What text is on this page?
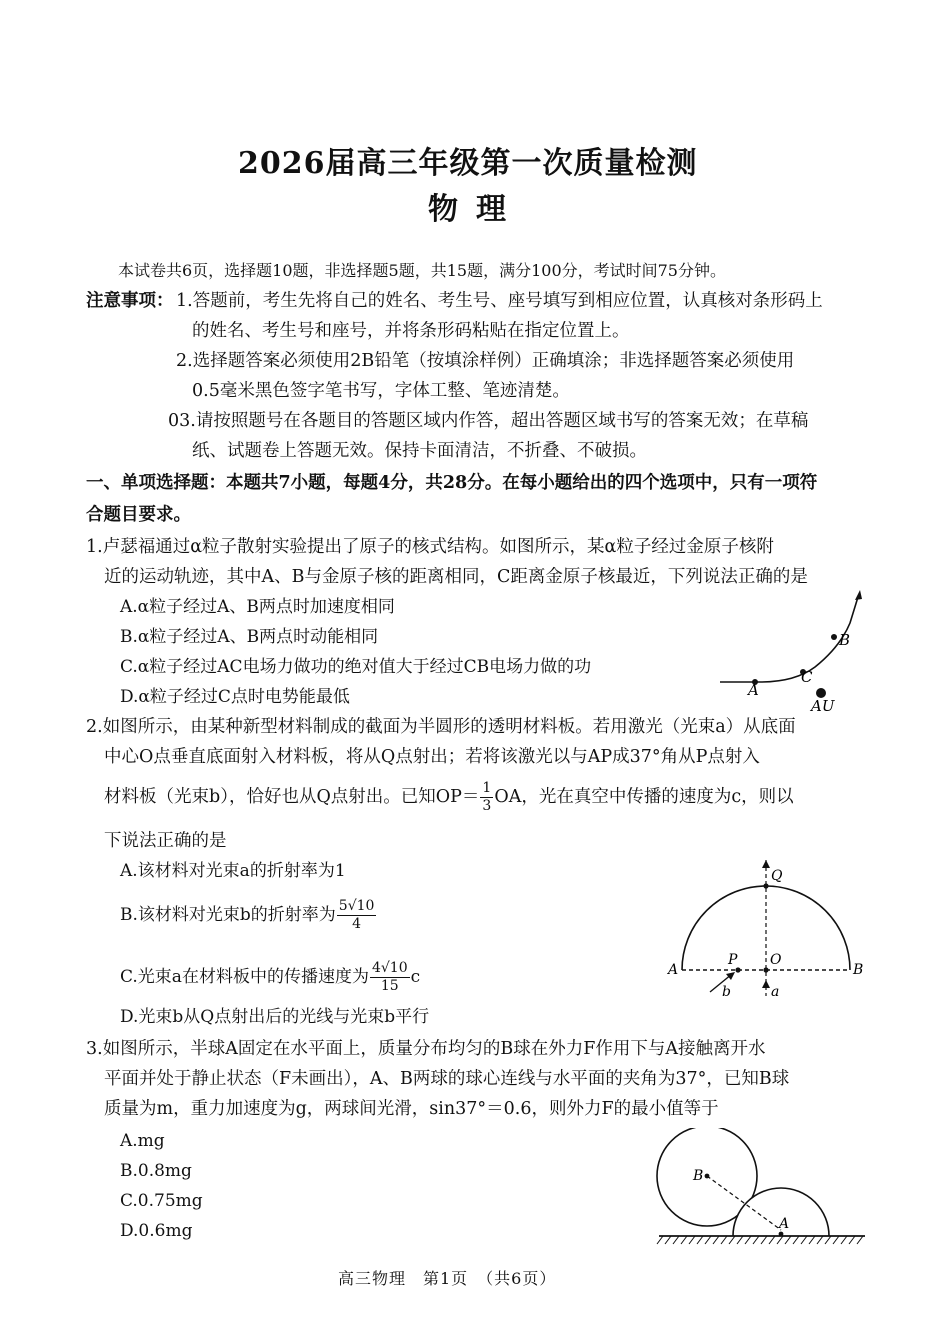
2026届高三年级第一次质量检测
物理
本试卷共6页，选择题10题，非选择题5题，共15题，满分100分，考试时间75分钟。
注意事项： 1.答题前，考生先将自己的姓名、考生号、座号填写到相应位置，认真核对条形码上
的姓名、考生号和座号，并将条形码粘贴在指定位置上。
2.选择题答案必须使用2B铅笔（按填涂样例）正确填涂；非选择题答案必须使用
0.5毫米黑色签字笔书写，字体工整、笔迹清楚。
03.请按照题号在各题目的答题区域内作答，超出答题区域书写的答案无效；在草稿
纸、试题卷上答题无效。保持卡面清洁，不折叠、不破损。
一、单项选择题：本题共7小题，每题4分，共28分。在每小题给出的四个选项中，只有一项符
合题目要求。
1.卢瑟福通过α粒子散射实验提出了原子的核式结构。如图所示，某α粒子经过金原子核附
近的运动轨迹，其中A、B与金原子核的距离相同，C距离金原子核最近，下列说法正确的是
A.α粒子经过A、B两点时加速度相同
B.α粒子经过A、B两点时动能相同
C.α粒子经过AC电场力做功的绝对值大于经过CB电场力做的功
D.α粒子经过C点时电势能最低	A
C
B
AU
2.如图所示，由某种新型材料制成的截面为半圆形的透明材料板。若用激光（光束a）从底面
中心O点垂直底面射入材料板，将从Q点射出；若将该激光以与AP成37°角从P点射入
材料板（光束b），恰好也从Q点射出。已知$OP= \frac{1}{3}$ OA，光在真空中传播的速度为c，则以
下说法正确的是
A.该材料对光束a的折射率为1
B.该材料对光束b的折射率为 $\frac{5√10}{4}$
C.光束a在材料板中的传播速度为 $\frac{4√10}{15}$ c
D.光束b从Q点射出后的光线与光束b平行
Q
A	B
P O
b	a
3.如图所示，半球A固定在水平面上，质量分布均匀的B球在外力F作用下与A接触离开水
平面并处于静止状态（F未画出），A、B两球的球心连线与水平面的夹角为37°，已知B球
质量为m，重力加速度为g，两球间光滑，sin37°＝0.6，则外力F的最小值等于
A.mg
B.0.8mg
C.0.75mg
D.0.6mg
B
A
高三物理　第1页　（共6页）
